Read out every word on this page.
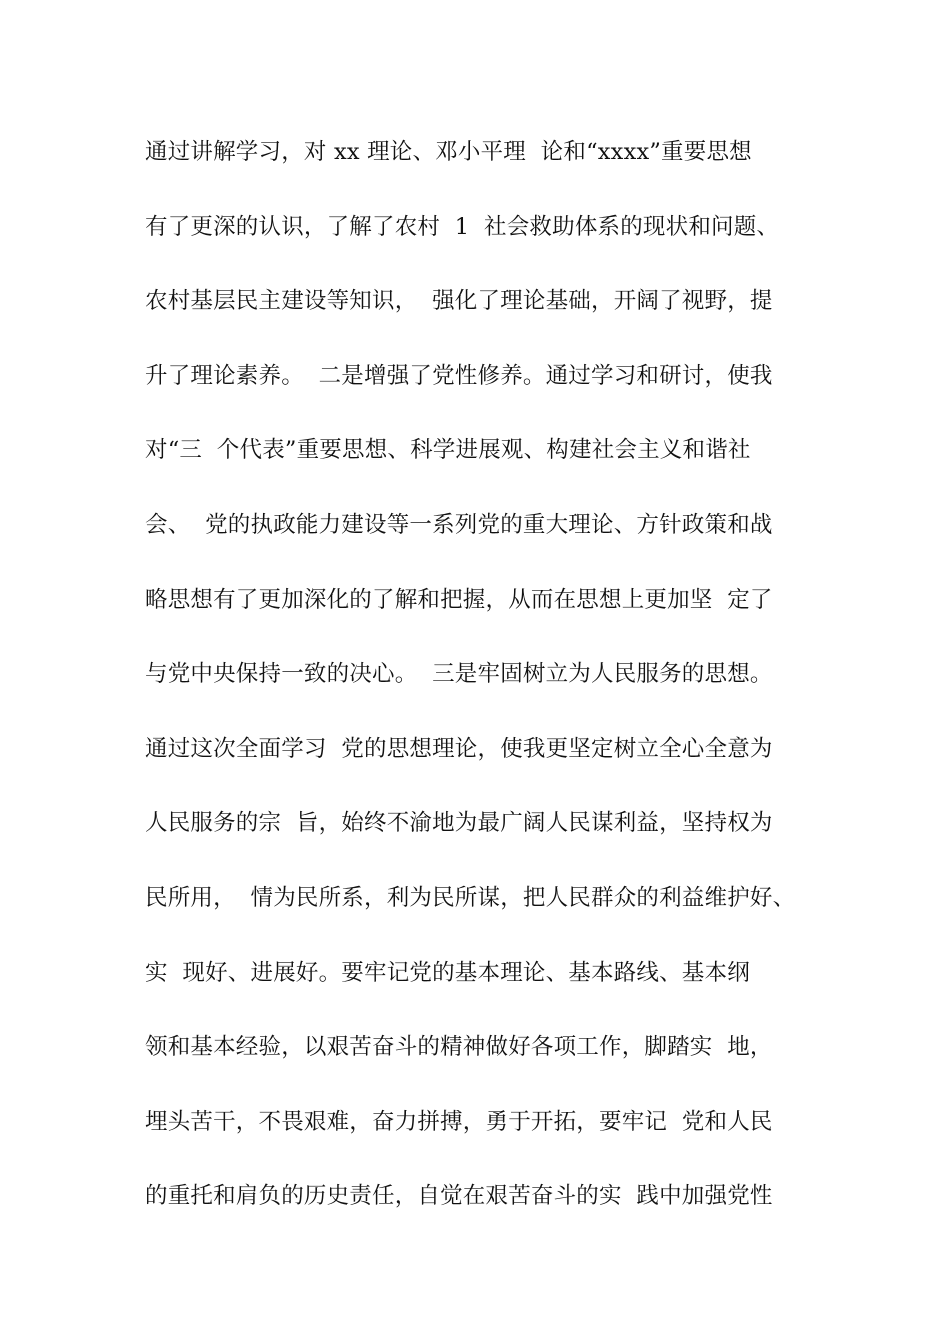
通过讲解学习，对 xx 理论、邓小平理  论和“xxxx”重要思想
有了更深的认识，了解了农村  1  社会救助体系的现状和问题、
农村基层民主建设等知识，  强化了理论基础，开阔了视野，提
升了理论素养。  二是增强了党性修养。通过学习和研讨，使我
对“三  个代表”重要思想、科学进展观、构建社会主义和谐社
会、  党的执政能力建设等一系列党的重大理论、方针政策和战
略思想有了更加深化的了解和把握，从而在思想上更加坚  定了
与党中央保持一致的决心。  三是牢固树立为人民服务的思想。
通过这次全面学习  党的思想理论，使我更坚定树立全心全意为
人民服务的宗  旨，始终不渝地为最广阔人民谋利益，坚持权为
民所用，  情为民所系，利为民所谋，把人民群众的利益维护好、
实  现好、进展好。要牢记党的基本理论、基本路线、基本纲
领和基本经验，以艰苦奋斗的精神做好各项工作，脚踏实  地，
埋头苦干，不畏艰难，奋力拼搏，勇于开拓，要牢记  党和人民
的重托和肩负的历史责任，自觉在艰苦奋斗的实  践中加强党性
